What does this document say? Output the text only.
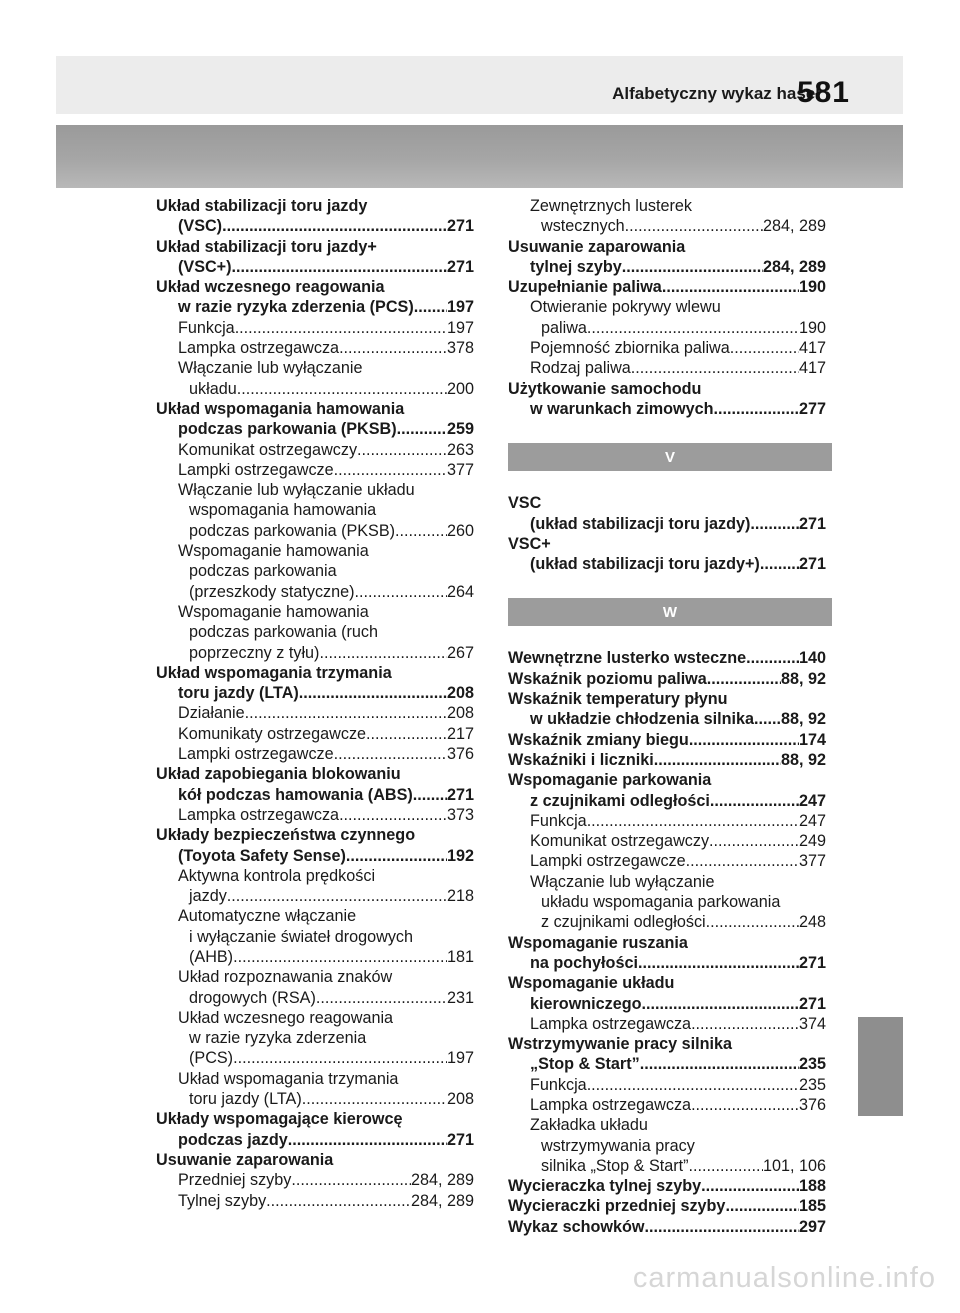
Alfabetyczny wykaz haseł
581
Układ stabilizacji toru jazdy
(VSC) .....	271
Układ stabilizacji toru jazdy+
(VSC+) .....	271
Układ wczesnego reagowania
w razie ryzyka zderzenia (PCS) ..... 197
Funkcja .....	197
Lampka ostrzegawcza .....	378
Włączanie lub wyłączanie
układu .....	200
Układ wspomagania hamowania
podczas parkowania (PKSB) .....	259
Komunikat ostrzegawczy .....	263
Lampki ostrzegawcze .....	377
Włączanie lub wyłączanie układu
wspomagania hamowania
podczas parkowania (PKSB) .....	260
Wspomaganie hamowania
podczas parkowania
(przeszkody statyczne) .....	264
Wspomaganie hamowania
podczas parkowania (ruch
poprzeczny z tyłu) .....	267
Układ wspomagania trzymania
toru jazdy (LTA) .....	208
Działanie .....	208
Komunikaty ostrzegawcze .....	217
Lampki ostrzegawcze .....	376
Układ zapobiegania blokowaniu
kół podczas hamowania (ABS) ..... 271
Lampka ostrzegawcza .....	373
Układy bezpieczeństwa czynnego
(Toyota Safety Sense) .....	192
Aktywna kontrola prędkości
jazdy .....	218
Automatyczne włączanie
i wyłączanie świateł drogowych
(AHB) .....	181
Układ rozpoznawania znaków
drogowych (RSA) .....	231
Układ wczesnego reagowania
w razie ryzyka zderzenia
(PCS) .....	197
Układ wspomagania trzymania
toru jazdy (LTA) .....	208
Układy wspomagające kierowcę
podczas jazdy .....	271
Usuwanie zaparowania
Przedniej szyby .....	284, 289
Tylnej szyby .....	284, 289
Zewnętrznych lusterek
wstecznych .....	284, 289
Usuwanie zaparowania
tylnej szyby .....	284, 289
Uzupełnianie paliwa .....	190
Otwieranie pokrywy wlewu
paliwa .....	190
Pojemność zbiornika paliwa .....	417
Rodzaj paliwa .....	417
Użytkowanie samochodu
w warunkach zimowych .....	277
V
VSC
(układ stabilizacji toru jazdy) .....	271
VSC+
(układ stabilizacji toru jazdy+) ..... 271
W
Wewnętrzne lusterko wsteczne .....	140
Wskaźnik poziomu paliwa .....	88, 92
Wskaźnik temperatury płynu
w układzie chłodzenia silnika ..... 88, 92
Wskaźnik zmiany biegu .....	174
Wskaźniki i liczniki .....	88, 92
Wspomaganie parkowania
z czujnikami odległości .....	247
Funkcja .....	247
Komunikat ostrzegawczy .....	249
Lampki ostrzegawcze .....	377
Włączanie lub wyłączanie
układu wspomagania parkowania
z czujnikami odległości .....	248
Wspomaganie ruszania
na pochyłości .....	271
Wspomaganie układu
kierowniczego .....	271
Lampka ostrzegawcza .....	374
Wstrzymywanie pracy silnika
„Stop & Start” .....	235
Funkcja .....	235
Lampka ostrzegawcza .....	376
Zakładka układu
wstrzymywania pracy
silnika „Stop & Start” .....	101, 106
Wycieraczka tylnej szyby .....	188
Wycieraczki przedniej szyby .....	185
Wykaz schowków .....	297
carmanualsonline.info
